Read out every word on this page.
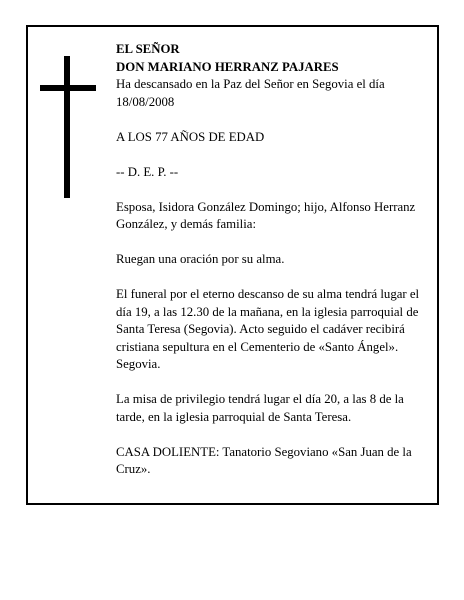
EL SEÑOR

DON MARIANO HERRANZ PAJARES

Ha descansado en la Paz del Señor en Segovia el día 18/08/2008

A LOS 77 AÑOS DE EDAD

-- D. E. P. --

Esposa, Isidora González Domingo; hijo, Alfonso Herranz González, y demás familia:

Ruegan una oración por su alma.

El funeral por el eterno descanso de su alma tendrá lugar el día 19, a las 12.30 de la mañana, en la iglesia parroquial de Santa Teresa (Segovia). Acto seguido el cadáver recibirá cristiana sepultura en el Cementerio de «Santo Ángel». Segovia.

La misa de privilegio tendrá lugar el día 20, a las 8 de la tarde, en la iglesia parroquial de Santa Teresa.

CASA DOLIENTE: Tanatorio Segoviano «San Juan de la Cruz».
